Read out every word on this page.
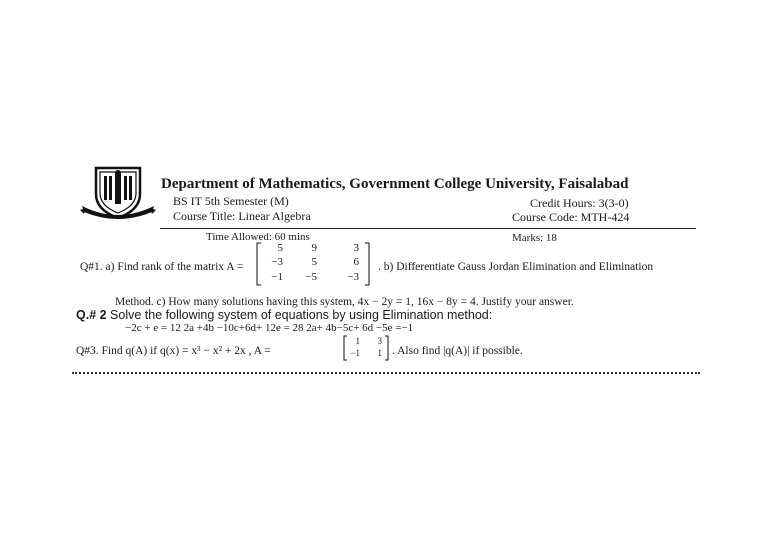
Department of Mathematics, Government College University, Faisalabad
BS IT 5th Semester (M)	Credit Hours: 3(3-0)
Course Title: Linear Algebra	Course Code: MTH-424
Time Allowed: 60 mins	Marks: 18
Q#1. a) Find rank of the matrix A =
5	9	3
−3	5	6
−1	−5	−3
. b) Differentiate Gauss Jordan Elimination and Elimination
Method. c) How many solutions having this system, 4x − 2y = 1, 16x − 8y = 4. Justify your answer.
Q.# 2 Solve the following system of equations by using Elimination method:
−2c + e = 12 2a +4b −10c+6d+ 12e = 28 2a+ 4b−5c+ 6d −5e =−1
Q#3. Find q(A) if q(x) = x³ − x² + 2x , A =
1	3
−1	1 . Also find |q(A)| if possible.
